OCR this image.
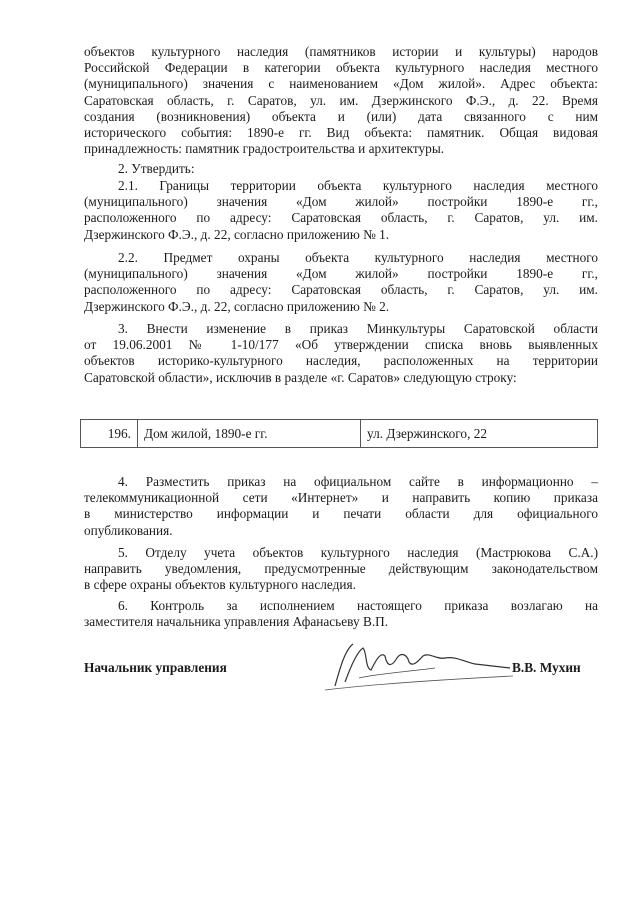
объектов культурного наследия (памятников истории и культуры) народов
Российской Федерации в категории объекта культурного наследия местного
(муниципального) значения с наименованием «Дом жилой». Адрес объекта:
Саратовская область, г. Саратов, ул. им. Дзержинского Ф.Э., д. 22. Время
создания (возникновения) объекта и (или) дата связанного с ним
исторического события: 1890-е гг. Вид объекта: памятник. Общая видовая
принадлежность: памятник градостроительства и архитектуры.
2. Утвердить:
2.1. Границы территории объекта культурного наследия местного
(муниципального) значения «Дом жилой» постройки 1890-е гг.,
расположенного по адресу: Саратовская область, г. Саратов, ул. им.
Дзержинского Ф.Э., д. 22, согласно приложению № 1.
2.2. Предмет охраны объекта культурного наследия местного
(муниципального) значения «Дом жилой» постройки 1890-е гг.,
расположенного по адресу: Саратовская область, г. Саратов, ул. им.
Дзержинского Ф.Э., д. 22, согласно приложению № 2.
3. Внести изменение в приказ Минкультуры Саратовской области
от 19.06.2001 № 1-10/177 «Об утверждении списка вновь выявленных
объектов историко-культурного наследия, расположенных на территории
Саратовской области», исключив в разделе «г. Саратов» следующую строку:
196.	Дом жилой, 1890-е гг.	ул. Дзержинского, 22
4. Разместить приказ на официальном сайте в информационно –
телекоммуникационной сети «Интернет» и направить копию приказа
в министерство информации и печати области для официального
опубликования.
5. Отделу учета объектов культурного наследия (Мастрюкова С.А.)
направить уведомления, предусмотренные действующим законодательством
в сфере охраны объектов культурного наследия.
6. Контроль за исполнением настоящего приказа возлагаю на
заместителя начальника управления Афанасьеву В.П.
Начальник управления	В.В. Мухин
